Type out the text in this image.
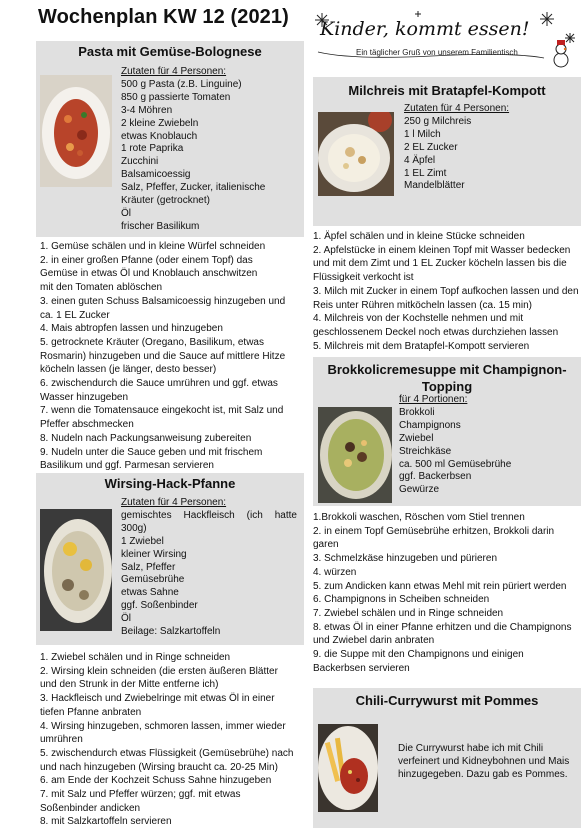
Wochenplan KW 12 (2021)
Kinder, kommt essen!
Ein täglicher Gruß von unserem Familientisch
Pasta mit Gemüse-Bolognese
Zutaten für 4 Personen:
500 g Pasta (z.B. Linguine)
850 g passierte Tomaten
3-4 Möhren
2 kleine Zwiebeln
etwas Knoblauch
1 rote Paprika
Zucchini
Balsamicoessig
Salz, Pfeffer, Zucker, italienische
Kräuter (getrocknet)
Öl
frischer Basilikum
1. Gemüse schälen und in kleine Würfel schneiden
2. in einer großen Pfanne (oder einem Topf) das
Gemüse in etwas Öl und Knoblauch anschwitzen
mit den Tomaten ablöschen
3. einen guten Schuss Balsamicoessig hinzugeben und
ca. 1 EL Zucker
4. Mais abtropfen lassen und hinzugeben
5. getrocknete Kräuter (Oregano, Basilikum, etwas
Rosmarin) hinzugeben und die Sauce auf mittlere Hitze
köcheln lassen (je länger, desto besser)
6. zwischendurch die Sauce umrühren und ggf. etwas
Wasser hinzugeben
7. wenn die Tomatensauce eingekocht ist, mit Salz und
Pfeffer abschmecken
8. Nudeln nach Packungsanweisung zubereiten
9. Nudeln unter die Sauce geben und mit frischem
Basilikum und ggf. Parmesan servieren
Wirsing-Hack-Pfanne
Zutaten für 4 Personen:
gemischtes Hackfleisch (ich hatte
300g)
1 Zwiebel
kleiner Wirsing
Salz, Pfeffer
Gemüsebrühe
etwas Sahne
ggf. Soßenbinder
Öl
Beilage: Salzkartoffeln
1. Zwiebel schälen und in Ringe schneiden
2. Wirsing klein schneiden (die ersten äußeren Blätter
und den Strunk in der Mitte entferne ich)
3. Hackfleisch und Zwiebelringe mit etwas Öl in einer
tiefen Pfanne anbraten
4. Wirsing hinzugeben, schmoren lassen, immer wieder
umrühren
5. zwischendurch etwas Flüssigkeit (Gemüsebrühe) nach
und nach hinzugeben (Wirsing braucht ca. 20-25 Min)
6. am Ende der Kochzeit Schuss Sahne hinzugeben
7. mit Salz und Pfeffer würzen; ggf. mit etwas
Soßenbinder andicken
8. mit Salzkartoffeln servieren
Milchreis mit Bratapfel-Kompott
Zutaten für 4 Personen:
250 g Milchreis
1 l Milch
2 EL Zucker
4 Äpfel
1 EL Zimt
Mandelblätter
1. Äpfel schälen und in kleine Stücke schneiden
2. Apfelstücke in einem kleinen Topf mit Wasser bedecken
und mit dem Zimt und 1 EL Zucker köcheln lassen bis die
Flüssigkeit verkocht ist
3. Milch mit Zucker in einem Topf aufkochen lassen und den
Reis unter Rühren mitköcheln lassen (ca. 15 min)
4. Milchreis von der Kochstelle nehmen und mit
geschlossenem Deckel noch etwas durchziehen lassen
5. Milchreis mit dem Bratapfel-Kompott servieren
Brokkolicremesuppe mit Champignon-
Topping
für 4 Portionen:
Brokkoli
Champignons
Zwiebel
Streichkäse
ca. 500 ml Gemüsebrühe
ggf. Backerbsen
Gewürze
1.Brokkoli waschen, Röschen vom Stiel trennen
2. in einem Topf Gemüsebrühe erhitzen, Brokkoli darin
garen
3. Schmelzkäse hinzugeben und pürieren
4. würzen
5. zum Andicken kann etwas Mehl mit rein püriert werden
6. Champignons in Scheiben schneiden
7. Zwiebel schälen und in Ringe schneiden
8. etwas Öl in einer Pfanne erhitzen und die Champignons
und Zwiebel darin anbraten
9. die Suppe mit den Champignons und einigen
Backerbsen servieren
Chili-Currywurst mit Pommes
Die Currywurst habe ich mit Chili
verfeinert und Kidneybohnen und Mais
hinzugegeben. Dazu gab es Pommes.
